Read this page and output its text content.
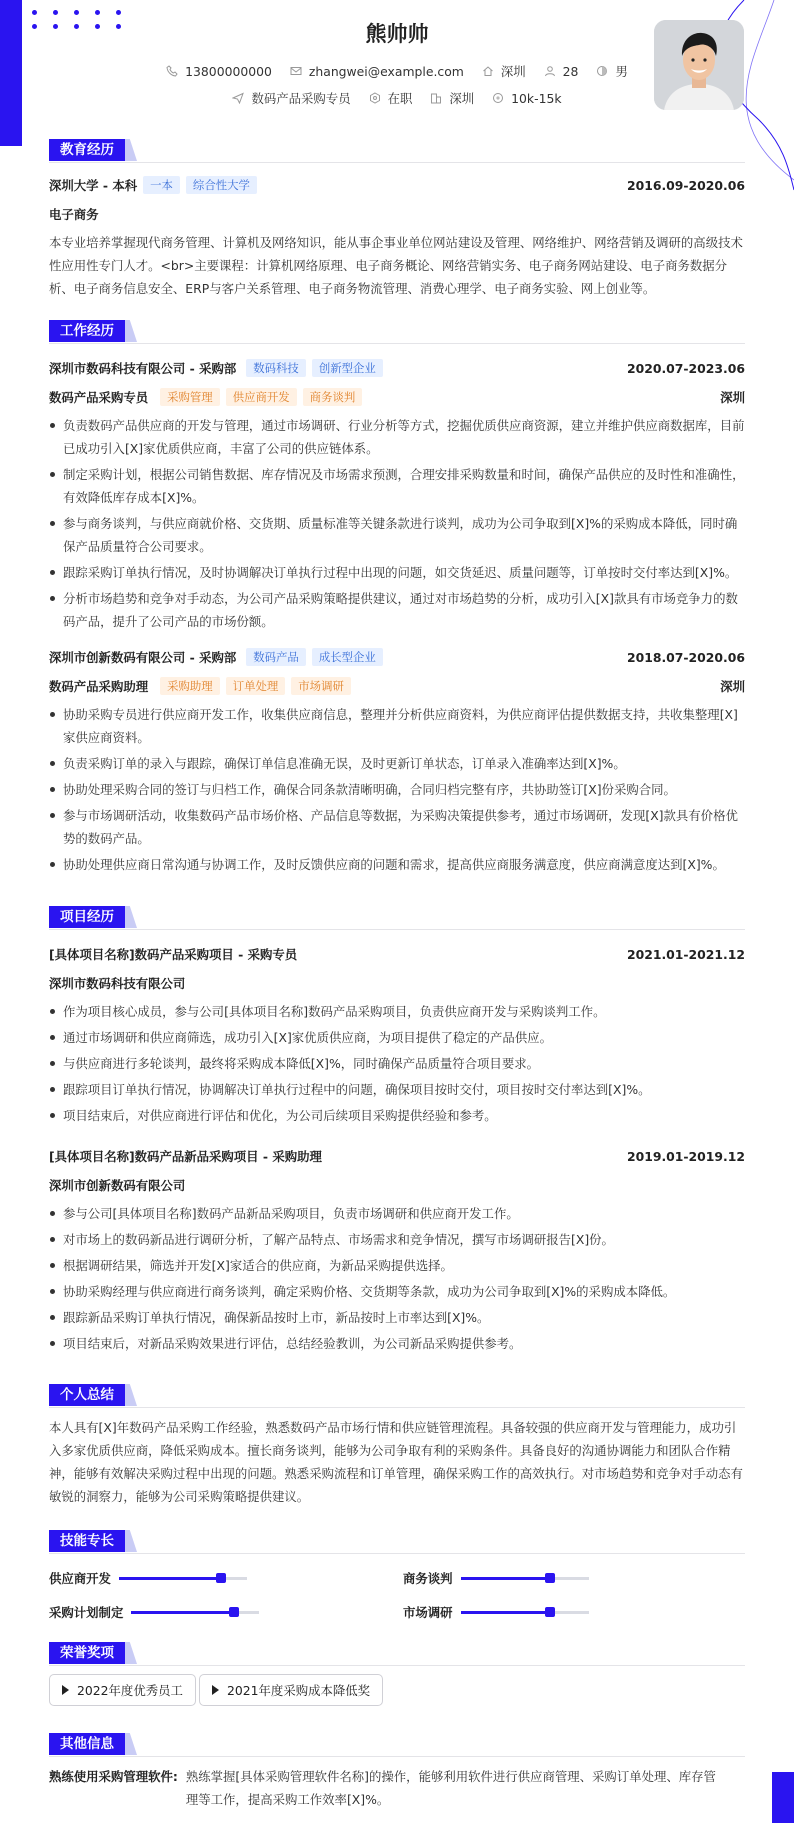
熊帅帅
13800000000	zhangwei@example.com	深圳	28	男
数码产品采购专员	在职	深圳	10k-15k
教育经历
深圳大学 - 本科	一本	综合性大学	2016.09-2020.06
电子商务
本专业培养掌握现代商务管理、计算机及网络知识，能从事企事业单位网站建设及管理、网络维护、网络营销及调研的高级技术性应用性专门人才。<br>主要课程：计算机网络原理、电子商务概论、网络营销实务、电子商务网站建设、电子商务数据分析、电子商务信息安全、ERP与客户关系管理、电子商务物流管理、消费心理学、电子商务实验、网上创业等。
工作经历
深圳市数码科技有限公司 - 采购部	数码科技	创新型企业	2020.07-2023.06
数码产品采购专员	采购管理	供应商开发	商务谈判	深圳
负责数码产品供应商的开发与管理，通过市场调研、行业分析等方式，挖掘优质供应商资源，建立并维护供应商数据库，目前已成功引入[X]家优质供应商，丰富了公司的供应链体系。
制定采购计划，根据公司销售数据、库存情况及市场需求预测，合理安排采购数量和时间，确保产品供应的及时性和准确性，有效降低库存成本[X]%。
参与商务谈判，与供应商就价格、交货期、质量标准等关键条款进行谈判，成功为公司争取到[X]%的采购成本降低，同时确保产品质量符合公司要求。
跟踪采购订单执行情况，及时协调解决订单执行过程中出现的问题，如交货延迟、质量问题等，订单按时交付率达到[X]%。
分析市场趋势和竞争对手动态，为公司产品采购策略提供建议，通过对市场趋势的分析，成功引入[X]款具有市场竞争力的数码产品，提升了公司产品的市场份额。
深圳市创新数码有限公司 - 采购部	数码产品	成长型企业	2018.07-2020.06
数码产品采购助理	采购助理	订单处理	市场调研	深圳
协助采购专员进行供应商开发工作，收集供应商信息，整理并分析供应商资料，为供应商评估提供数据支持，共收集整理[X]家供应商资料。
负责采购订单的录入与跟踪，确保订单信息准确无误，及时更新订单状态，订单录入准确率达到[X]%。
协助处理采购合同的签订与归档工作，确保合同条款清晰明确，合同归档完整有序，共协助签订[X]份采购合同。
参与市场调研活动，收集数码产品市场价格、产品信息等数据，为采购决策提供参考，通过市场调研，发现[X]款具有价格优势的数码产品。
协助处理供应商日常沟通与协调工作，及时反馈供应商的问题和需求，提高供应商服务满意度，供应商满意度达到[X]%。
项目经历
[具体项目名称]数码产品采购项目 - 采购专员	2021.01-2021.12
深圳市数码科技有限公司
作为项目核心成员，参与公司[具体项目名称]数码产品采购项目，负责供应商开发与采购谈判工作。
通过市场调研和供应商筛选，成功引入[X]家优质供应商，为项目提供了稳定的产品供应。
与供应商进行多轮谈判，最终将采购成本降低[X]%，同时确保产品质量符合项目要求。
跟踪项目订单执行情况，协调解决订单执行过程中的问题，确保项目按时交付，项目按时交付率达到[X]%。
项目结束后，对供应商进行评估和优化，为公司后续项目采购提供经验和参考。
[具体项目名称]数码产品新品采购项目 - 采购助理	2019.01-2019.12
深圳市创新数码有限公司
参与公司[具体项目名称]数码产品新品采购项目，负责市场调研和供应商开发工作。
对市场上的数码新品进行调研分析，了解产品特点、市场需求和竞争情况，撰写市场调研报告[X]份。
根据调研结果，筛选并开发[X]家适合的供应商，为新品采购提供选择。
协助采购经理与供应商进行商务谈判，确定采购价格、交货期等条款，成功为公司争取到[X]%的采购成本降低。
跟踪新品采购订单执行情况，确保新品按时上市，新品按时上市率达到[X]%。
项目结束后，对新品采购效果进行评估，总结经验教训，为公司新品采购提供参考。
个人总结
本人具有[X]年数码产品采购工作经验，熟悉数码产品市场行情和供应链管理流程。具备较强的供应商开发与管理能力，成功引入多家优质供应商，降低采购成本。擅长商务谈判，能够为公司争取有利的采购条件。具备良好的沟通协调能力和团队合作精神，能够有效解决采购过程中出现的问题。熟悉采购流程和订单管理，确保采购工作的高效执行。对市场趋势和竞争对手动态有敏锐的洞察力，能够为公司采购策略提供建议。
技能专长
供应商开发	商务谈判
采购计划制定	市场调研
荣誉奖项
2022年度优秀员工	2021年度采购成本降低奖
其他信息
熟练使用采购管理软件: 熟练掌握[具体采购管理软件名称]的操作，能够利用软件进行供应商管理、采购订单处理、库存管理等工作，提高采购工作效率[X]%。
